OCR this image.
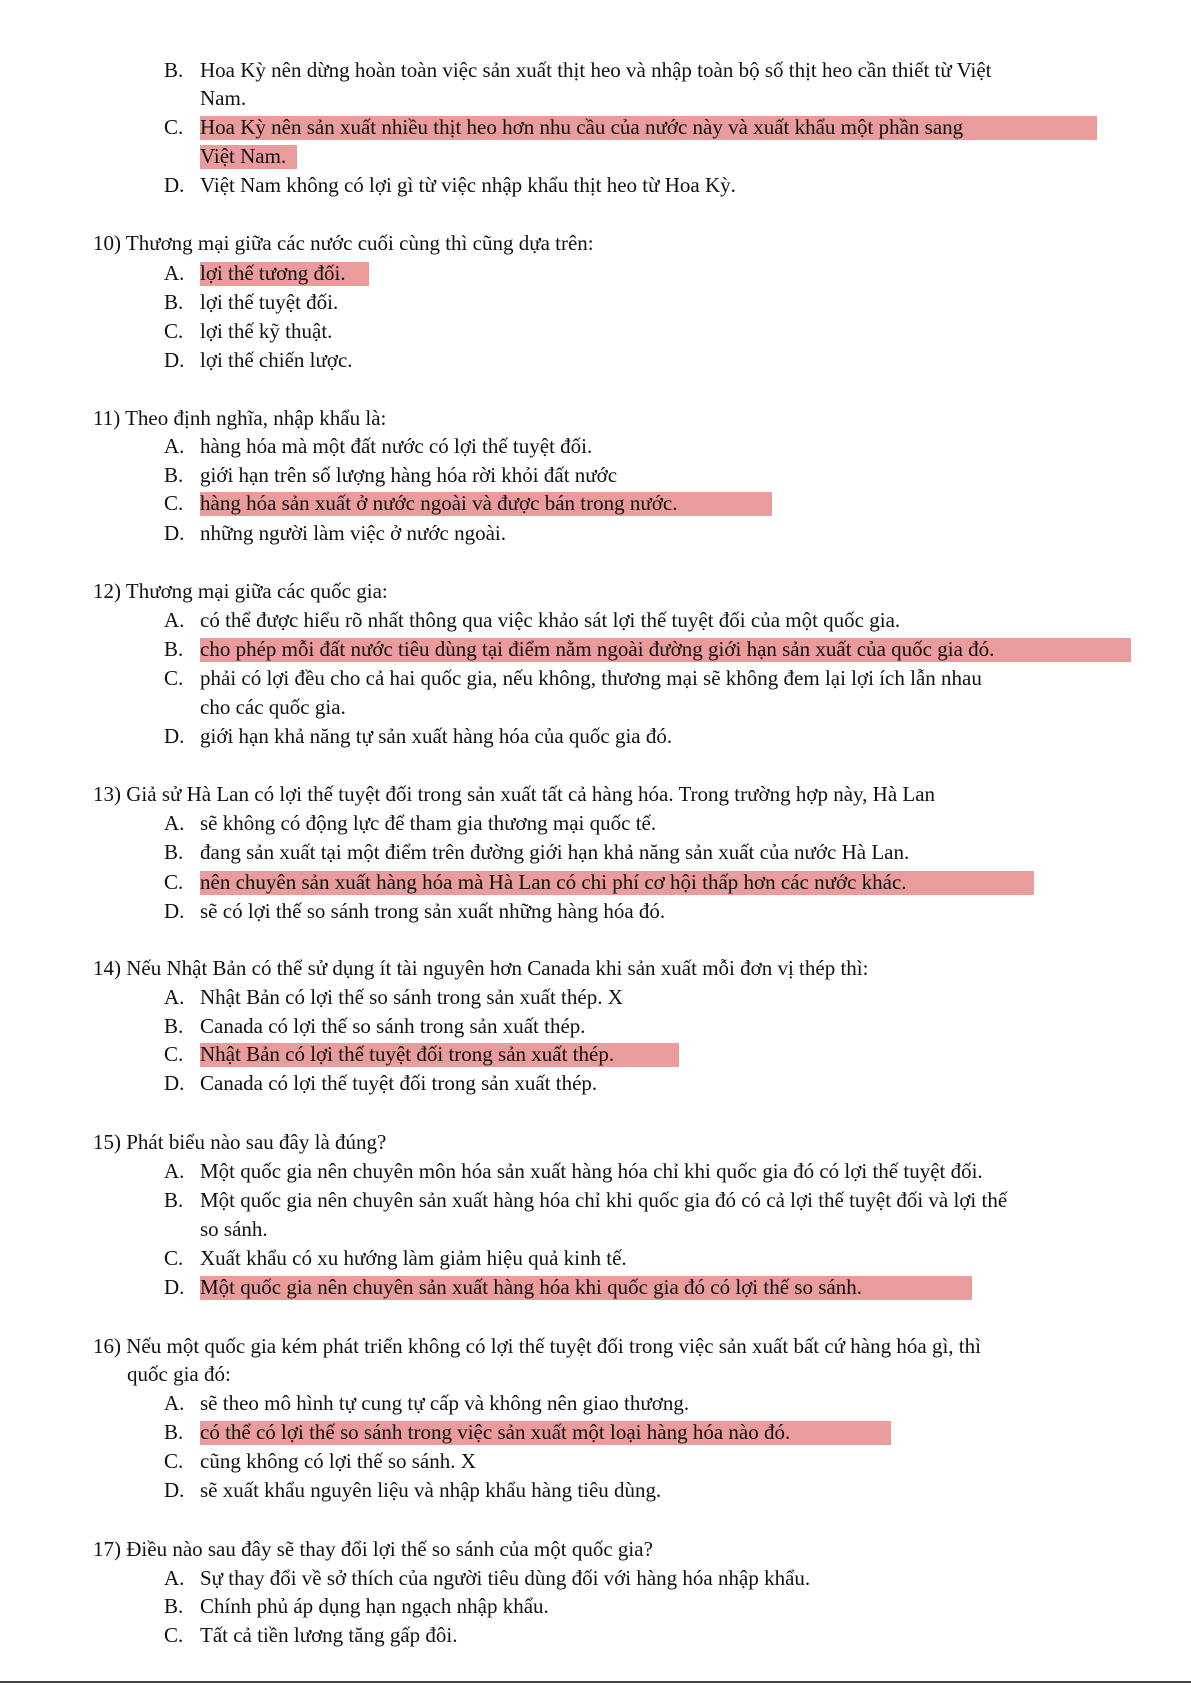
B. Hoa Kỳ nên dừng hoàn toàn việc sản xuất thịt heo và nhập toàn bộ số thịt heo cần thiết từ Việt
Nam.
C. Hoa Kỳ nên sản xuất nhiều thịt heo hơn nhu cầu của nước này và xuất khẩu một phần sang
Việt Nam.
D. Việt Nam không có lợi gì từ việc nhập khẩu thịt heo từ Hoa Kỳ.
10) Thương mại giữa các nước cuối cùng thì cũng dựa trên:
A. lợi thế tương đối.
B. lợi thế tuyệt đối.
C. lợi thế kỹ thuật.
D. lợi thế chiến lược.
11) Theo định nghĩa, nhập khẩu là:
A. hàng hóa mà một đất nước có lợi thế tuyệt đối.
B. giới hạn trên số lượng hàng hóa rời khỏi đất nước
C. hàng hóa sản xuất ở nước ngoài và được bán trong nước.
D. những người làm việc ở nước ngoài.
12) Thương mại giữa các quốc gia:
A. có thể được hiểu rõ nhất thông qua việc khảo sát lợi thế tuyệt đối của một quốc gia.
B. cho phép mỗi đất nước tiêu dùng tại điểm nằm ngoài đường giới hạn sản xuất của quốc gia đó.
C. phải có lợi đều cho cả hai quốc gia, nếu không, thương mại sẽ không đem lại lợi ích lẫn nhau
cho các quốc gia.
D. giới hạn khả năng tự sản xuất hàng hóa của quốc gia đó.
13) Giả sử Hà Lan có lợi thế tuyệt đối trong sản xuất tất cả hàng hóa. Trong trường hợp này, Hà Lan
A. sẽ không có động lực để tham gia thương mại quốc tế.
B. đang sản xuất tại một điểm trên đường giới hạn khả năng sản xuất của nước Hà Lan.
C. nên chuyên sản xuất hàng hóa mà Hà Lan có chi phí cơ hội thấp hơn các nước khác.
D. sẽ có lợi thế so sánh trong sản xuất những hàng hóa đó.
14) Nếu Nhật Bản có thể sử dụng ít tài nguyên hơn Canada khi sản xuất mỗi đơn vị thép thì:
A. Nhật Bản có lợi thế so sánh trong sản xuất thép. X
B. Canada có lợi thế so sánh trong sản xuất thép.
C. Nhật Bản có lợi thế tuyệt đối trong sản xuất thép.
D. Canada có lợi thế tuyệt đối trong sản xuất thép.
15) Phát biểu nào sau đây là đúng?
A. Một quốc gia nên chuyên môn hóa sản xuất hàng hóa chỉ khi quốc gia đó có lợi thế tuyệt đối.
B. Một quốc gia nên chuyên sản xuất hàng hóa chỉ khi quốc gia đó có cả lợi thế tuyệt đối và lợi thế
so sánh.
C. Xuất khẩu có xu hướng làm giảm hiệu quả kinh tế.
D. Một quốc gia nên chuyên sản xuất hàng hóa khi quốc gia đó có lợi thế so sánh.
16) Nếu một quốc gia kém phát triển không có lợi thế tuyệt đối trong việc sản xuất bất cứ hàng hóa gì, thì
quốc gia đó:
A. sẽ theo mô hình tự cung tự cấp và không nên giao thương.
B. có thể có lợi thế so sánh trong việc sản xuất một loại hàng hóa nào đó.
C. cũng không có lợi thế so sánh. X
D. sẽ xuất khẩu nguyên liệu và nhập khẩu hàng tiêu dùng.
17) Điều nào sau đây sẽ thay đổi lợi thế so sánh của một quốc gia?
A. Sự thay đổi về sở thích của người tiêu dùng đối với hàng hóa nhập khẩu.
B. Chính phủ áp dụng hạn ngạch nhập khẩu.
C. Tất cả tiền lương tăng gấp đôi.
